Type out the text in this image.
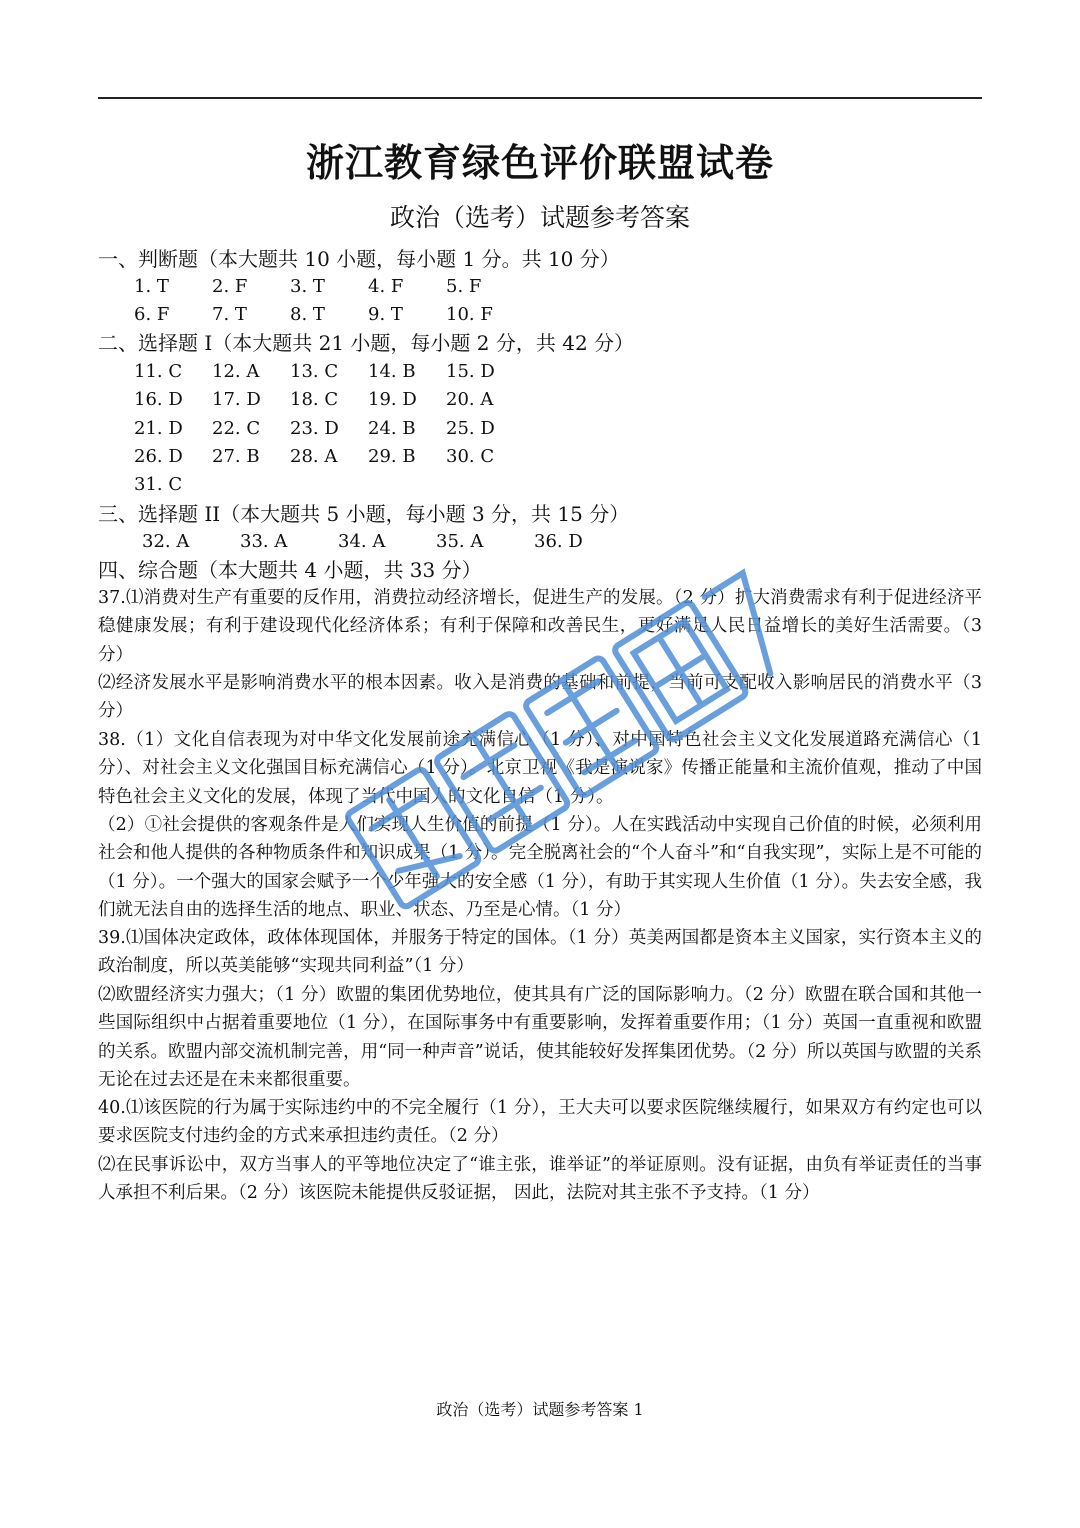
浙江教育绿色评价联盟试卷
政治（选考）试题参考答案
一、判断题（本大题共 10 小题，每小题 1 分。共 10 分）
1. T 2. F 3. T 4. F 5. F
6. F 7. T 8. T 9. T 10. F
二、选择题 I（本大题共 21 小题，每小题 2 分，共 42 分）
11. C 12. A 13. C 14. B 15. D
16. D 17. D 18. C 19. D 20. A
21. D 22. C 23. D 24. B 25. D
26. D 27. B 28. A 29. B 30. C
31. C
三、选择题 II（本大题共 5 小题，每小题 3 分，共 15 分）
32. A	33. A	34. A	35. A	36. D
四、综合题（本大题共 4 小题，共 33 分）
37.⑴消费对生产有重要的反作用，消费拉动经济增长，促进生产的发展。（2 分）扩大消费需求有利于促进经济平稳健康发展；有利于建设现代化经济体系；有利于保障和改善民生，更好满足人民日益增长的美好生活需要。（3 分）
⑵经济发展水平是影响消费水平的根本因素。收入是消费的基础和前提，当前可支配收入影响居民的消费水平（3 分）
38.（1）文化自信表现为对中华文化发展前途充满信心（1 分）、对中国特色社会主义文化发展道路充满信心（1 分）、对社会主义文化强国目标充满信心（1 分）。北京卫视《我是演说家》传播正能量和主流价值观，推动了中国特色社会主义文化的发展，体现了当代中国人的文化自信（1 分）。
（2）①社会提供的客观条件是人们实现人生价值的前提（1 分）。人在实践活动中实现自己价值的时候，必须利用社会和他人提供的各种物质条件和知识成果（1 分）。完全脱离社会的“个人奋斗”和“自我实现”，实际上是不可能的（1 分）。一个强大的国家会赋予一个少年强大的安全感（1 分），有助于其实现人生价值（1 分）。失去安全感，我们就无法自由的选择生活的地点、职业、状态、乃至是心情。（1 分）
39.⑴国体决定政体，政体体现国体，并服务于特定的国体。（1 分）英美两国都是资本主义国家，实行资本主义的政治制度，所以英美能够“实现共同利益”（1 分）
⑵欧盟经济实力强大；（1 分）欧盟的集团优势地位，使其具有广泛的国际影响力。（2 分）欧盟在联合国和其他一些国际组织中占据着重要地位（1 分），在国际事务中有重要影响，发挥着重要作用；（1 分）英国一直重视和欧盟的关系。欧盟内部交流机制完善，用“同一种声音”说话，使其能较好发挥集团优势。（2 分）所以英国与欧盟的关系无论在过去还是在未来都很重要。
40.⑴该医院的行为属于实际违约中的不完全履行（1 分），王大夫可以要求医院继续履行，如果双方有约定也可以要求医院支付违约金的方式来承担违约责任。（2 分）
⑵在民事诉讼中，双方当事人的平等地位决定了“谁主张，谁举证”的举证原则。没有证据，由负有举证责任的当事人承担不利后果。（2 分）该医院未能提供反驳证据， 因此，法院对其主张不予支持。（1 分）
政治（选考）试题参考答案 1
